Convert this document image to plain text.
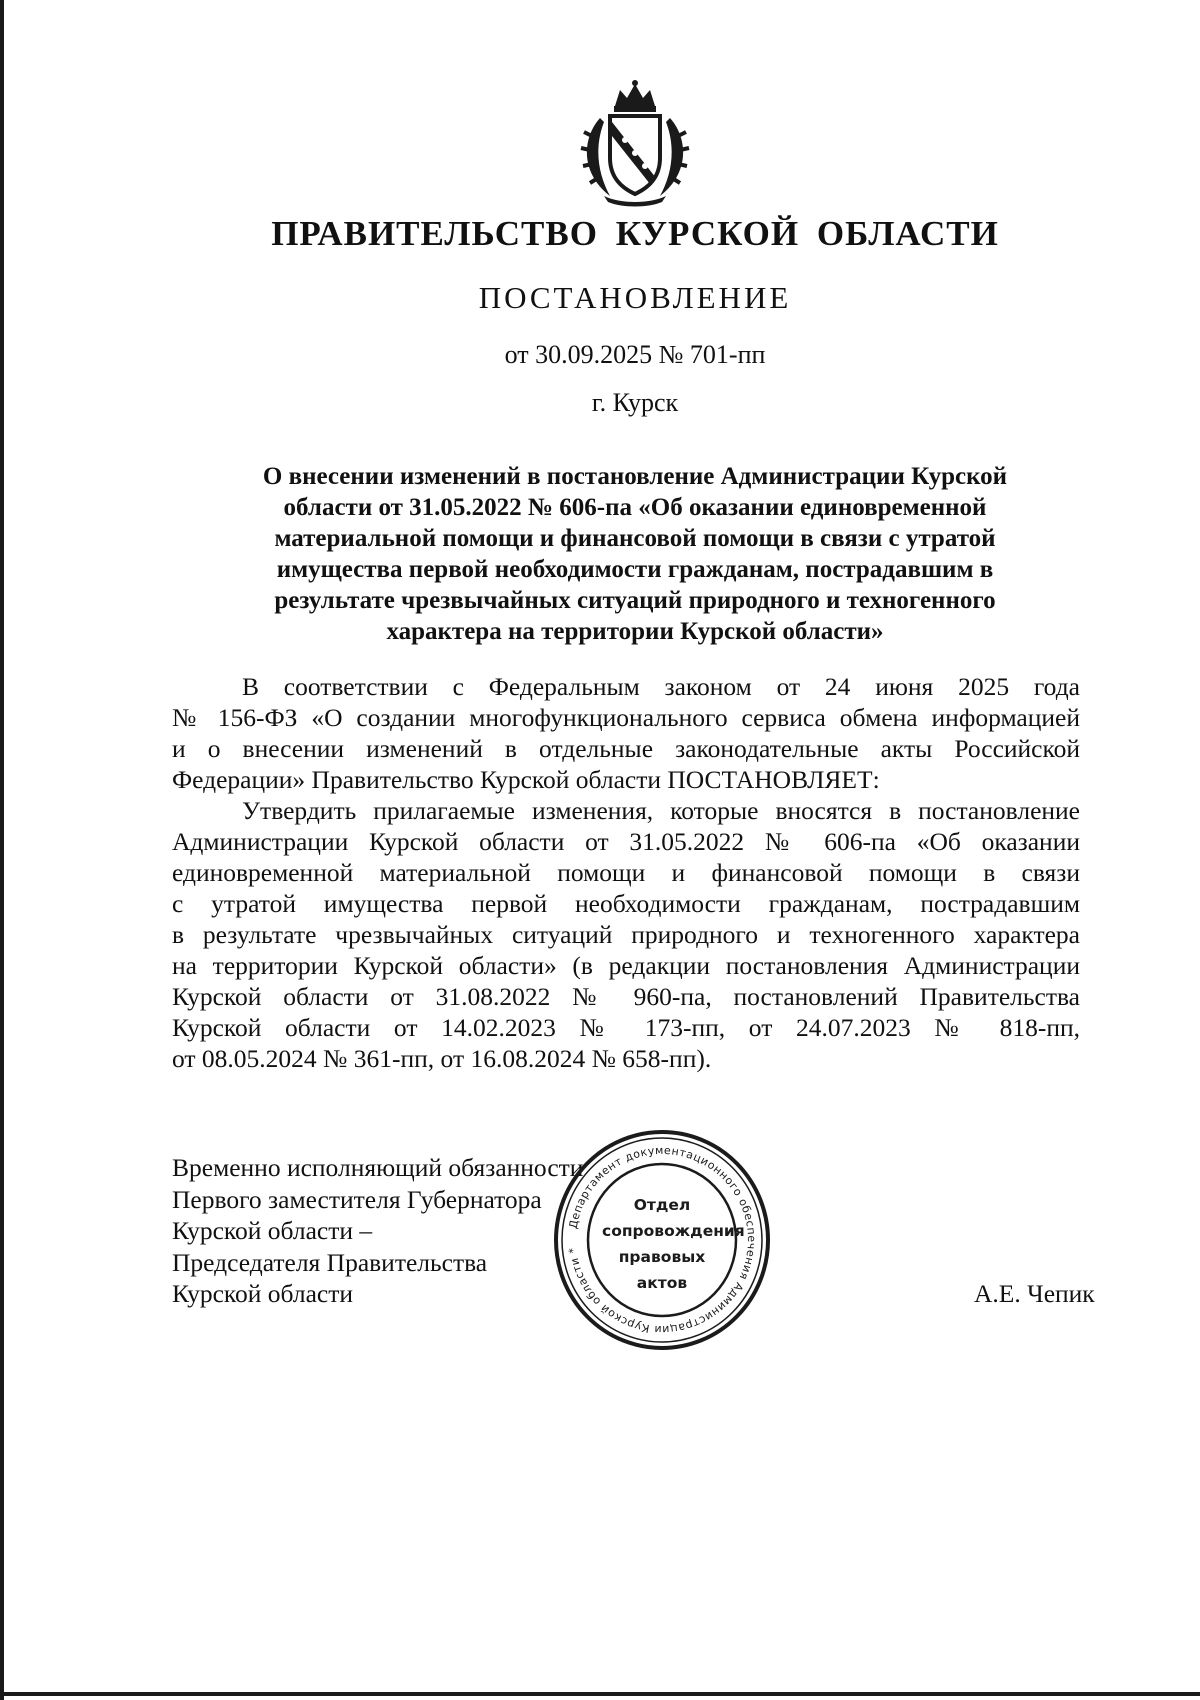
ПРАВИТЕЛЬСТВО КУРСКОЙ ОБЛАСТИ
ПОСТАНОВЛЕНИЕ
от 30.09.2025 № 701-пп
г. Курск
О внесении изменений в постановление Администрации Курской
области от 31.05.2022 № 606-па «Об оказании единовременной
материальной помощи и финансовой помощи в связи с утратой
имущества первой необходимости гражданам, пострадавшим в
результате чрезвычайных ситуаций природного и техногенного
характера на территории Курской области»
В соответствии с Федеральным законом от 24 июня 2025 года
№ 156-ФЗ «О создании многофункционального сервиса обмена информацией
и о внесении изменений в отдельные законодательные акты Российской
Федерации» Правительство Курской области ПОСТАНОВЛЯЕТ:
Утвердить прилагаемые изменения, которые вносятся в постановление
Администрации Курской области от 31.05.2022 № 606-па «Об оказании
единовременной материальной помощи и финансовой помощи в связи
с утратой имущества первой необходимости гражданам, пострадавшим
в результате чрезвычайных ситуаций природного и техногенного характера
на территории Курской области» (в редакции постановления Администрации
Курской области от 31.08.2022 № 960-па, постановлений Правительства
Курской области от 14.02.2023 № 173-пп, от 24.07.2023 № 818-пп,
от 08.05.2024 № 361-пп, от 16.08.2024 № 658-пп).
Временно исполняющий обязанности
Первого заместителя Губернатора
Курской области –
Председателя Правительства
Курской области
Департамент документационного обеспечения Администрации Курской области *
Отдел
сопровождения
правовых
актов	А.Е. Чепик
